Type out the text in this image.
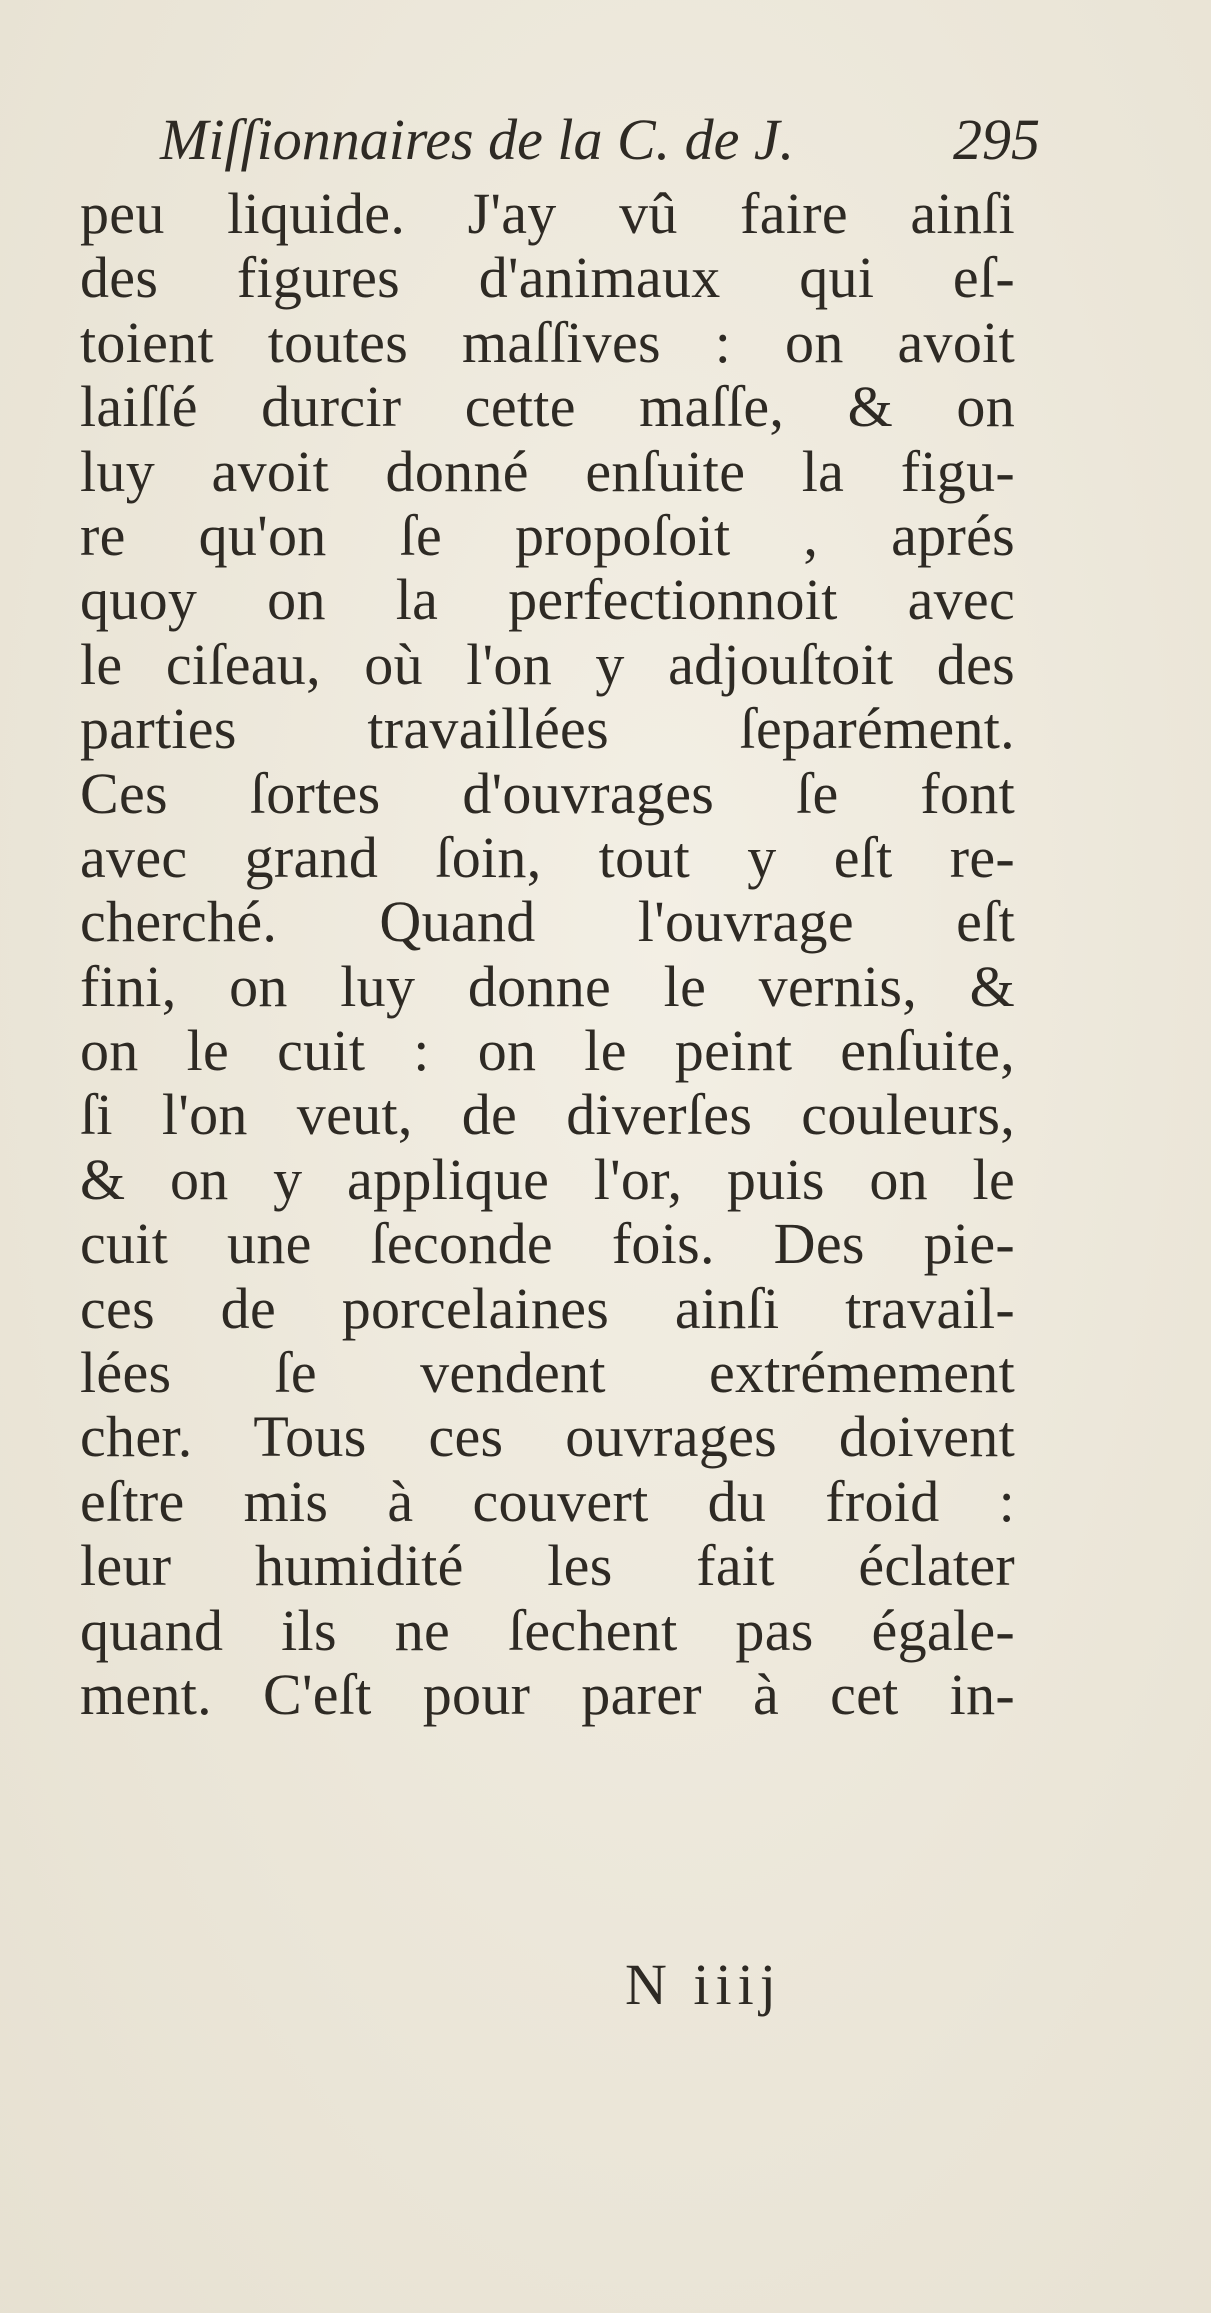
Miſſionnaires de la C. de J.	295
peu liquide. J'ay vû faire ainſi
des figures d'animaux qui eſ-
toient toutes maſſives : on avoit
laiſſé durcir cette maſſe, & on
luy avoit donné enſuite la figu-
re qu'on ſe propoſoit , aprés
quoy on la perfectionnoit avec
le ciſeau, où l'on y adjouſtoit des
parties travaillées ſeparément.
Ces ſortes d'ouvrages ſe font
avec grand ſoin, tout y eſt re-
cherché. Quand l'ouvrage eſt
fini, on luy donne le vernis, &
on le cuit : on le peint enſuite,
ſi l'on veut, de diverſes couleurs,
& on y applique l'or, puis on le
cuit une ſeconde fois. Des pie-
ces de porcelaines ainſi travail-
lées ſe vendent extrémement
cher. Tous ces ouvrages doivent
eſtre mis à couvert du froid :
leur humidité les fait éclater
quand ils ne ſechent pas égale-
ment. C'eſt pour parer à cet in-
N iiij
